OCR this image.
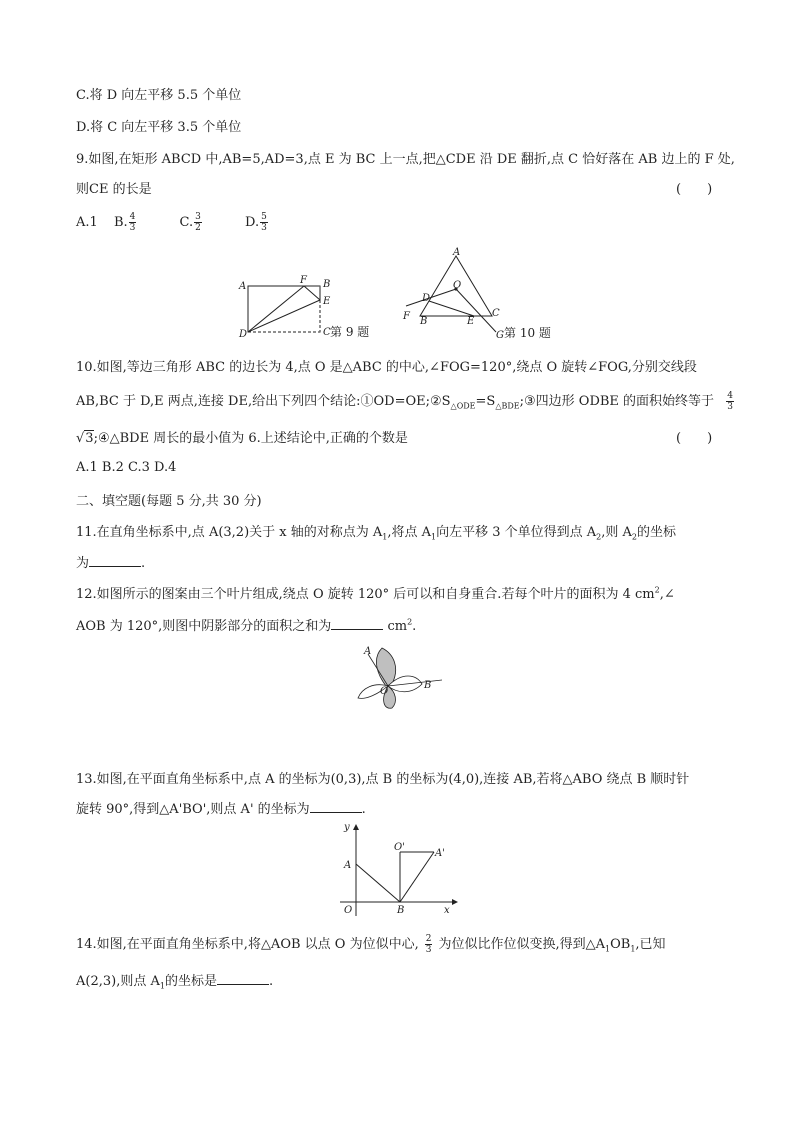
C.将 D 向左平移 5.5 个单位
D.将 C 向左平移 3.5 个单位
9.如图,在矩形 ABCD 中,AB=5,AD=3,点 E 为 BC 上一点,把△CDE 沿 DE 翻折,点 C 恰好落在 AB 边上的 F 处,
则CE 的长是	(　　)
A.1 B. $\frac{4}{3}$	C. $\frac{3}{2}$	D. $\frac{5}{3}$
A
F B
E
D	C 第 9 题
A
O
D
F B	E
C
G 第 10 题
10.如图,等边三角形 ABC 的边长为 4,点 O 是△ABC 的中心,∠FOG=120°,绕点 O 旋转∠FOG,分别交线段
AB,BC 于 D,E 两点,连接 DE,给出下列四个结论$:①OD=OE;②S_{\triangle ODE}=S_{\triangle BDE};③$四边形 ODBE 的面积始终等于 $\frac{4}{3}$
√3;④△BDE 周长的最小值为 6.上述结论中,正确的个数是	(　　)
A.1 B.2 C.3 D.4
二、填空题(每题 5 分,共 30 分)
11.在直角坐标系中,点 A(3,2)关于 x 轴的对称点为 $A_1$,将点 $A_1$向左平移 3 个单位得到点 $A_2$,则 $A_2$的坐标
为	.
12.如图所示的图案由三个叶片组成,绕点 O 旋转 120° 后可以和自身重合.若每个叶片的面积为 4 $cm^2,\angle$
AOB 为 120°,则图中阴影部分的面积之和为	$cm^2$.
A
O
B
13.如图,在平面直角坐标系中,点 A 的坐标为(0,3),点 B 的坐标为(4,0),连接 AB,若将△ABO 绕点 B 顺时针
旋转 90°,得到△A'BO',则点 A' 的坐标为	.
y
A
O'
A'
O	B	x
14.如图,在平面直角坐标系中,将△AOB 以点 O 为位似中心, $\frac{2}{3}$ 为位似比作位似变换,得到$\triangle A_1OB_1$,已知
A(2,3),则点 $A_1$的坐标是	.
